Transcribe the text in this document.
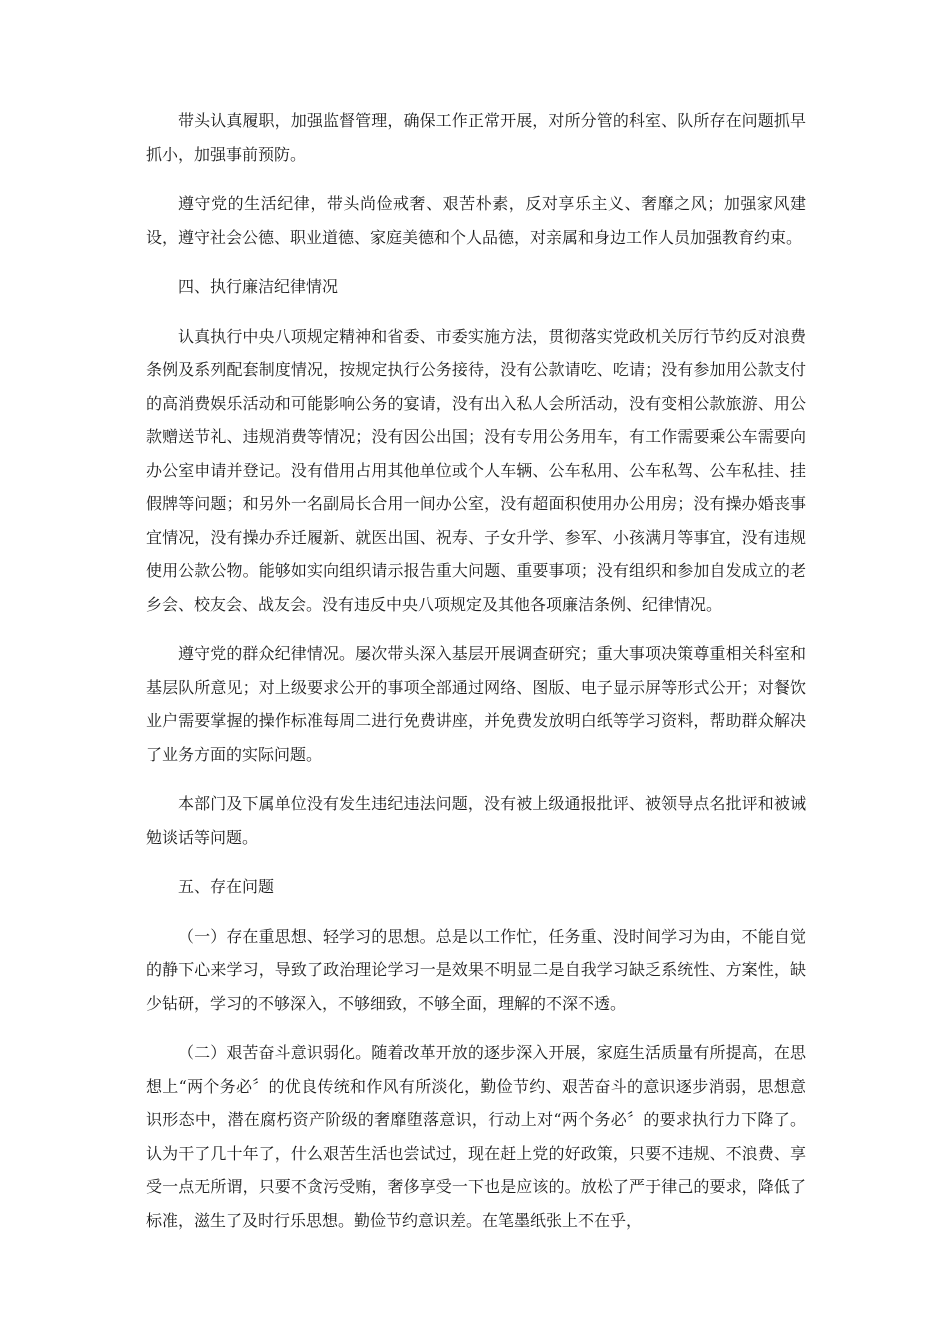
带头认真履职，加强监督管理，确保工作正常开展，对所分管的科室、队所存在问题抓早抓小，加强事前预防。

遵守党的生活纪律，带头尚俭戒奢、艰苦朴素，反对享乐主义、奢靡之风；加强家风建设，遵守社会公德、职业道德、家庭美德和个人品德，对亲属和身边工作人员加强教育约束。

四、执行廉洁纪律情况

认真执行中央八项规定精神和省委、市委实施方法，贯彻落实党政机关厉行节约反对浪费条例及系列配套制度情况，按规定执行公务接待，没有公款请吃、吃请；没有参加用公款支付的高消费娱乐活动和可能影响公务的宴请，没有出入私人会所活动，没有变相公款旅游、用公款赠送节礼、违规消费等情况；没有因公出国；没有专用公务用车，有工作需要乘公车需要向办公室申请并登记。没有借用占用其他单位或个人车辆、公车私用、公车私驾、公车私挂、挂假牌等问题；和另外一名副局长合用一间办公室，没有超面积使用办公用房；没有操办婚丧事宜情况，没有操办乔迁履新、就医出国、祝寿、子女升学、参军、小孩满月等事宜，没有违规使用公款公物。能够如实向组织请示报告重大问题、重要事项；没有组织和参加自发成立的老乡会、校友会、战友会。没有违反中央八项规定及其他各项廉洁条例、纪律情况。

遵守党的群众纪律情况。屡次带头深入基层开展调查研究；重大事项决策尊重相关科室和基层队所意见；对上级要求公开的事项全部通过网络、图版、电子显示屏等形式公开；对餐饮业户需要掌握的操作标准每周二进行免费讲座，并免费发放明白纸等学习资料，帮助群众解决了业务方面的实际问题。

本部门及下属单位没有发生违纪违法问题，没有被上级通报批评、被领导点名批评和被诫勉谈话等问题。

五、存在问题

（一）存在重思想、轻学习的思想。总是以工作忙，任务重、没时间学习为由，不能自觉的静下心来学习，导致了政治理论学习一是效果不明显二是自我学习缺乏系统性、方案性，缺少钻研，学习的不够深入，不够细致，不够全面，理解的不深不透。

（二）艰苦奋斗意识弱化。随着改革开放的逐步深入开展，家庭生活质量有所提高，在思想上“两个务必〞的优良传统和作风有所淡化，勤俭节约、艰苦奋斗的意识逐步消弱，思想意识形态中，潜在腐朽资产阶级的奢靡堕落意识，行动上对“两个务必〞的要求执行力下降了。认为干了几十年了，什么艰苦生活也尝试过，现在赶上党的好政策，只要不违规、不浪费、享受一点无所谓，只要不贪污受贿，奢侈享受一下也是应该的。放松了严于律己的要求，降低了标准，滋生了及时行乐思想。勤俭节约意识差。在笔墨纸张上不在乎，
